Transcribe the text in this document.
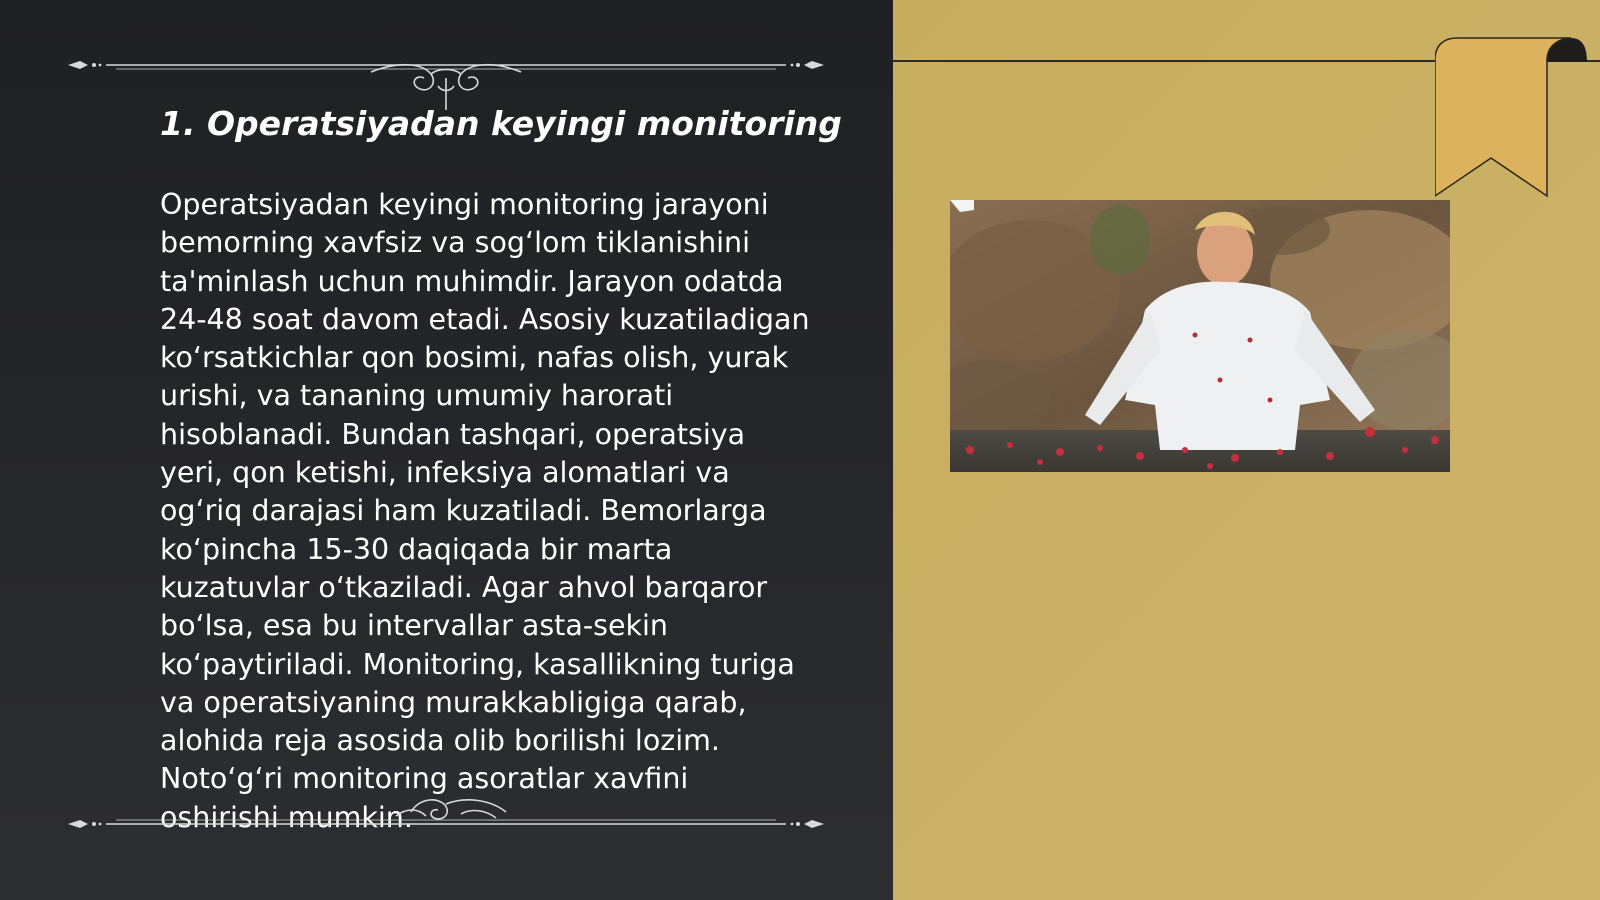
1. Operatsiyadan keyingi monitoring
Operatsiyadan keyingi monitoring jarayoni
bemorning xavfsiz va sog‘lom tiklanishini
ta'minlash uchun muhimdir. Jarayon odatda
24-48 soat davom etadi. Asosiy kuzatiladigan
ko‘rsatkichlar qon bosimi, nafas olish, yurak
urishi, va tananing umumiy harorati
hisoblanadi. Bundan tashqari, operatsiya
yeri, qon ketishi, infeksiya alomatlari va
og‘riq darajasi ham kuzatiladi. Bemorlarga
ko‘pincha 15-30 daqiqada bir marta
kuzatuvlar o‘tkaziladi. Agar ahvol barqaror
bo‘lsa, esa bu intervallar asta-sekin
ko‘paytiriladi. Monitoring, kasallikning turiga
va operatsiyaning murakkabligiga qarab,
alohida reja asosida olib borilishi lozim.
Noto‘g‘ri monitoring asoratlar xavfini
oshirishi mumkin.
